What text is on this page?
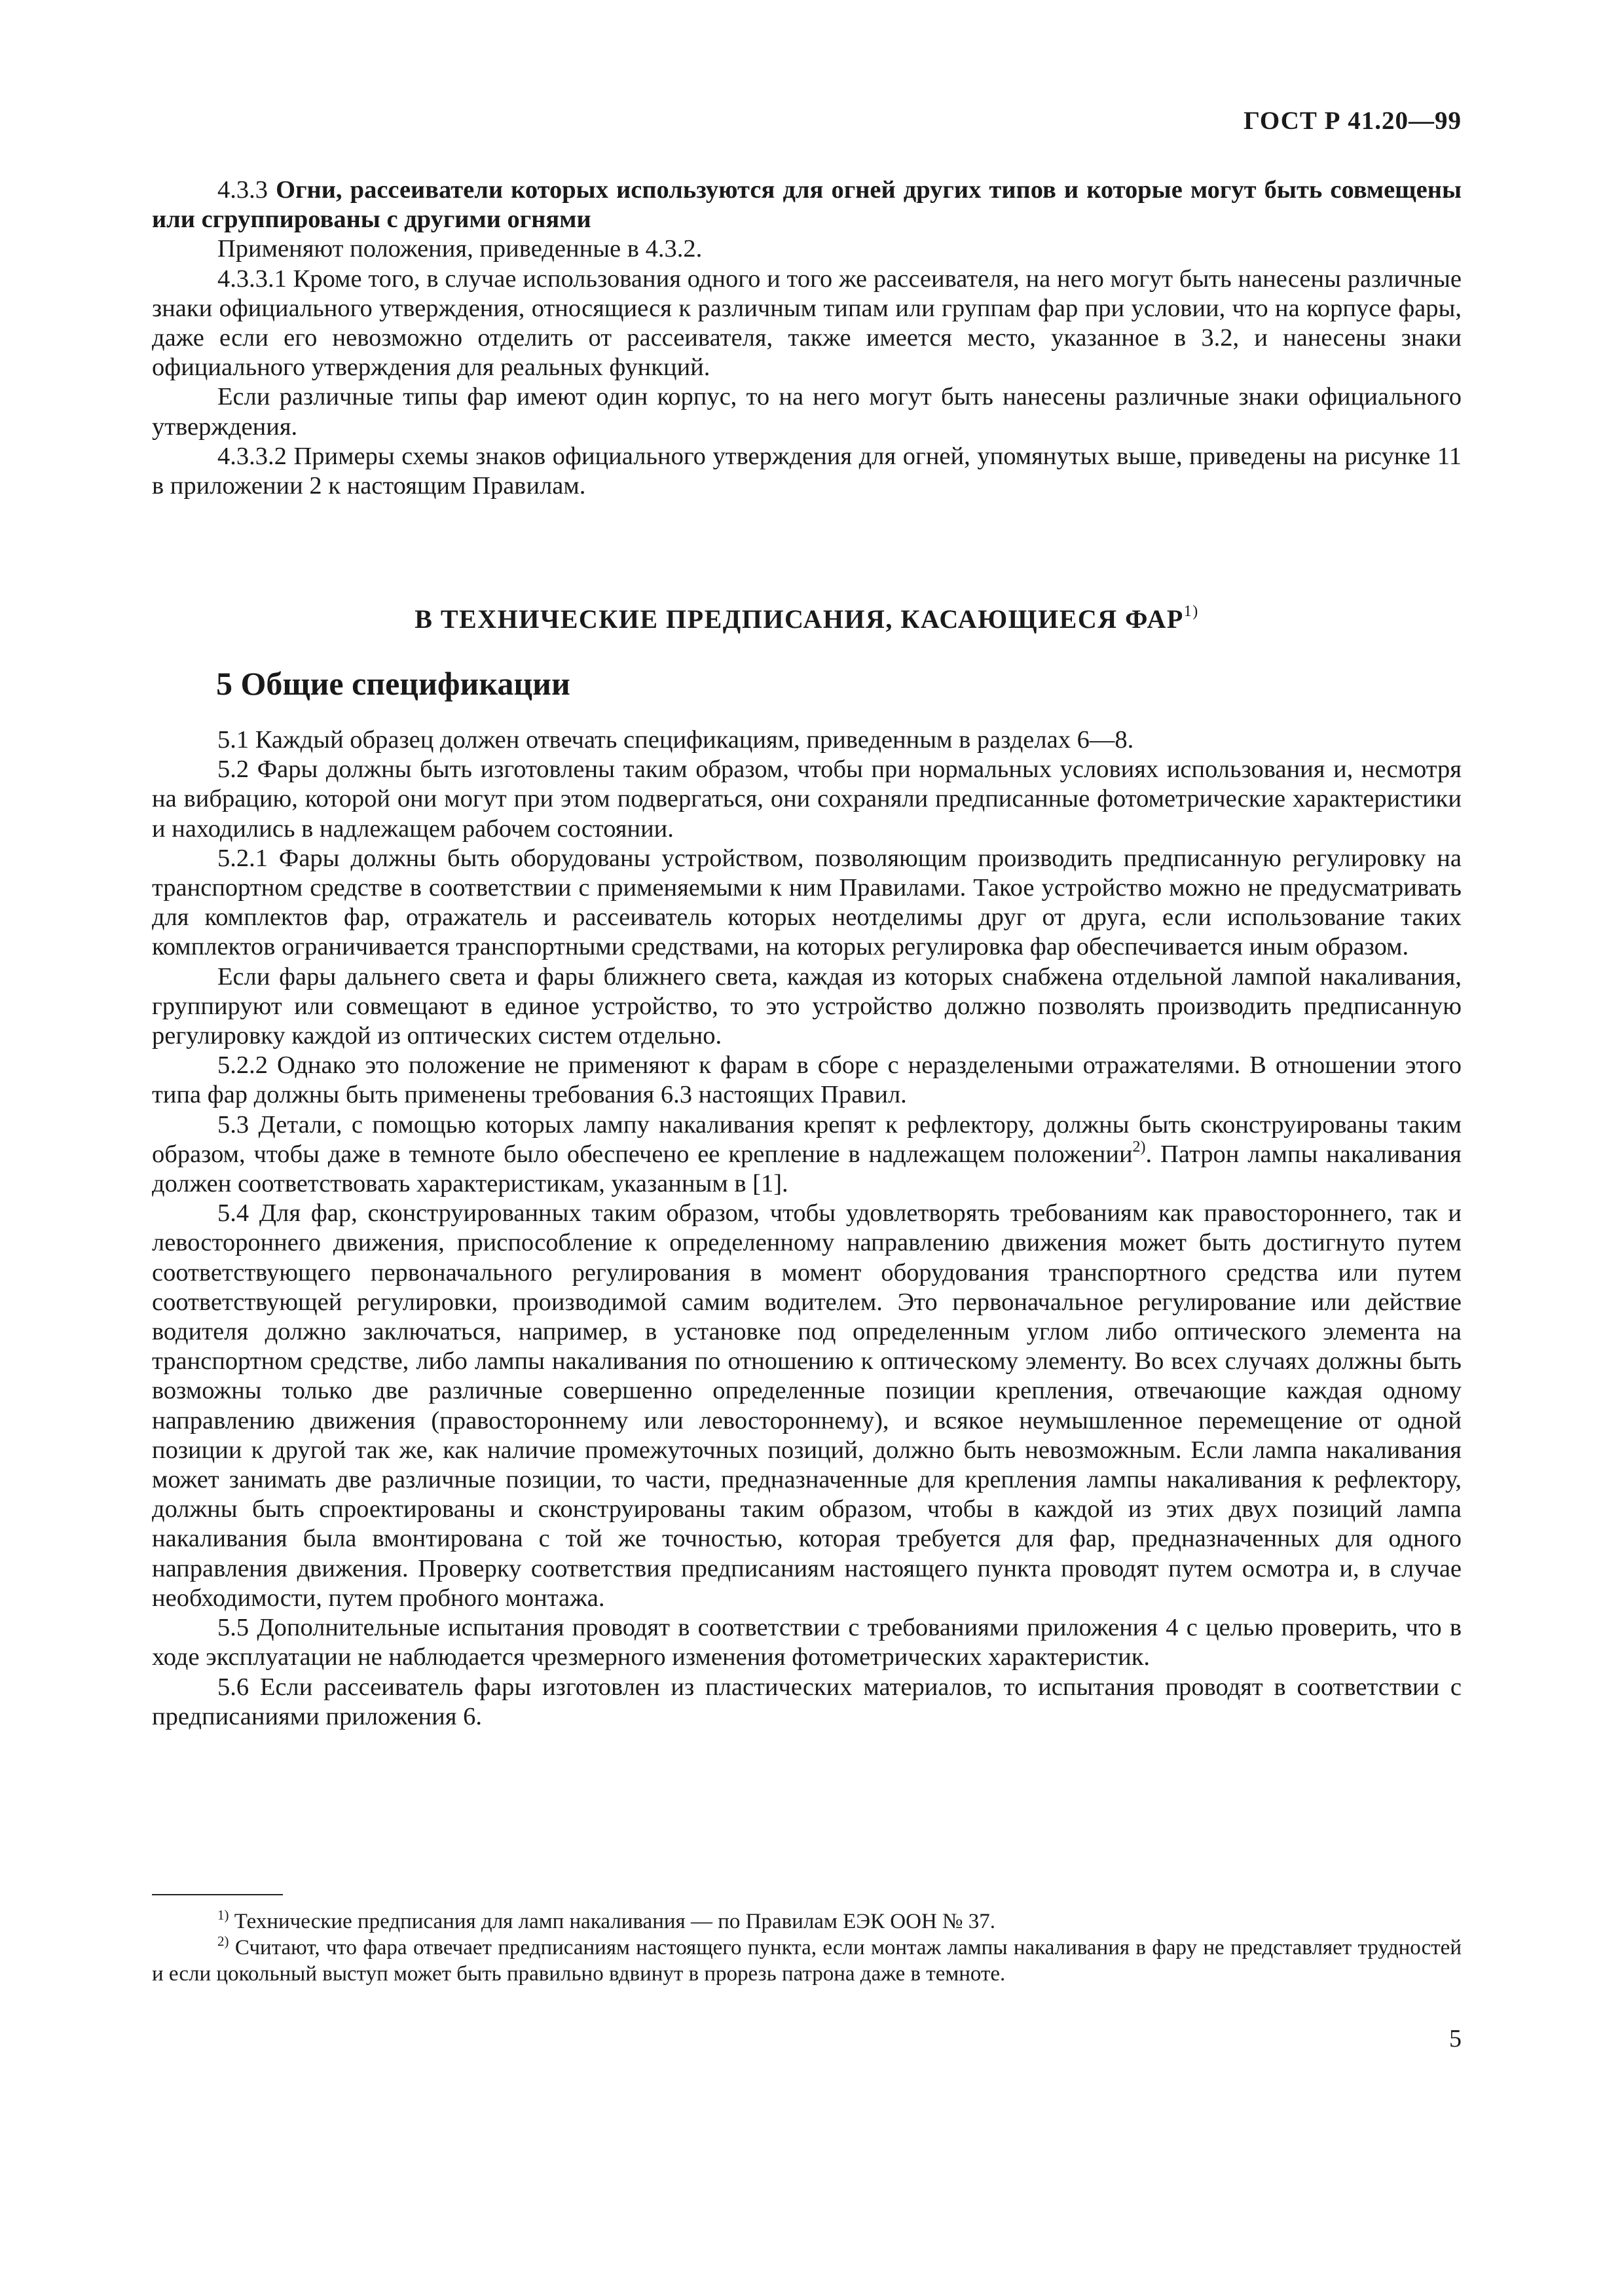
ГОСТ Р 41.20—99

4.3.3 Огни, рассеиватели которых используются для огней других типов и которые могут быть совмещены или сгруппированы с другими огнями

Применяют положения, приведенные в 4.3.2.

4.3.3.1 Кроме того, в случае использования одного и того же рассеивателя, на него могут быть нанесены различные знаки официального утверждения, относящиеся к различным типам или группам фар при условии, что на корпусе фары, даже если его невозможно отделить от рассеивателя, также имеется место, указанное в 3.2, и нанесены знаки официального утверждения для реальных функций.

Если различные типы фар имеют один корпус, то на него могут быть нанесены различные знаки официального утверждения.

4.3.3.2 Примеры схемы знаков официального утверждения для огней, упомянутых выше, приведены на рисунке 11 в приложении 2 к настоящим Правилам.

В ТЕХНИЧЕСКИЕ ПРЕДПИСАНИЯ, КАСАЮЩИЕСЯ ФАР$^{1)}$
5 Общие спецификации

5.1 Каждый образец должен отвечать спецификациям, приведенным в разделах 6—8.

5.2 Фары должны быть изготовлены таким образом, чтобы при нормальных условиях использования и, несмотря на вибрацию, которой они могут при этом подвергаться, они сохраняли предписанные фотометрические характеристики и находились в надлежащем рабочем состоянии.

5.2.1 Фары должны быть оборудованы устройством, позволяющим производить предписанную регулировку на транспортном средстве в соответствии с применяемыми к ним Правилами. Такое устройство можно не предусматривать для комплектов фар, отражатель и рассеиватель которых неотделимы друг от друга, если использование таких комплектов ограничивается транспортными средствами, на которых регулировка фар обеспечивается иным образом.

Если фары дальнего света и фары ближнего света, каждая из которых снабжена отдельной лампой накаливания, группируют или совмещают в единое устройство, то это устройство должно позволять производить предписанную регулировку каждой из оптических систем отдельно.

5.2.2 Однако это положение не применяют к фарам в сборе с неразделеными отражателями. В отношении этого типа фар должны быть применены требования 6.3 настоящих Правил.

5.3 Детали, с помощью которых лампу накаливания крепят к рефлектору, должны быть сконструированы таким образом, чтобы даже в темноте было обеспечено ее крепление в надлежащем положении$^{2)}$. Патрон лампы накаливания должен соответствовать характеристикам, указанным в [1].

5.4 Для фар, сконструированных таким образом, чтобы удовлетворять требованиям как правостороннего, так и левостороннего движения, приспособление к определенному направлению движения может быть достигнуто путем соответствующего первоначального регулирования в момент оборудования транспортного средства или путем соответствующей регулировки, производимой самим водителем. Это первоначальное регулирование или действие водителя должно заключаться, например, в установке под определенным углом либо оптического элемента на транспортном средстве, либо лампы накаливания по отношению к оптическому элементу. Во всех случаях должны быть возможны только две различные совершенно определенные позиции крепления, отвечающие каждая одному направлению движения (правостороннему или левостороннему), и всякое неумышленное перемещение от одной позиции к другой так же, как наличие промежуточных позиций, должно быть невозможным. Если лампа накаливания может занимать две различные позиции, то части, предназначенные для крепления лампы накаливания к рефлектору, должны быть спроектированы и сконструированы таким образом, чтобы в каждой из этих двух позиций лампа накаливания была вмонтирована с той же точностью, которая требуется для фар, предназначенных для одного направления движения. Проверку соответствия предписаниям настоящего пункта проводят путем осмотра и, в случае необходимости, путем пробного монтажа.

5.5 Дополнительные испытания проводят в соответствии с требованиями приложения 4 с целью проверить, что в ходе эксплуатации не наблюдается чрезмерного изменения фотометрических характеристик.

5.6 Если рассеиватель фары изготовлен из пластических материалов, то испытания проводят в соответствии с предписаниями приложения 6.

$^{1)}$ Технические предписания для ламп накаливания — по Правилам ЕЭК ООН № 37.

$^{2)}$ Считают, что фара отвечает предписаниям настоящего пункта, если монтаж лампы накаливания в фару не представляет трудностей и если цокольный выступ может быть правильно вдвинут в прорезь патрона даже в темноте.

5
